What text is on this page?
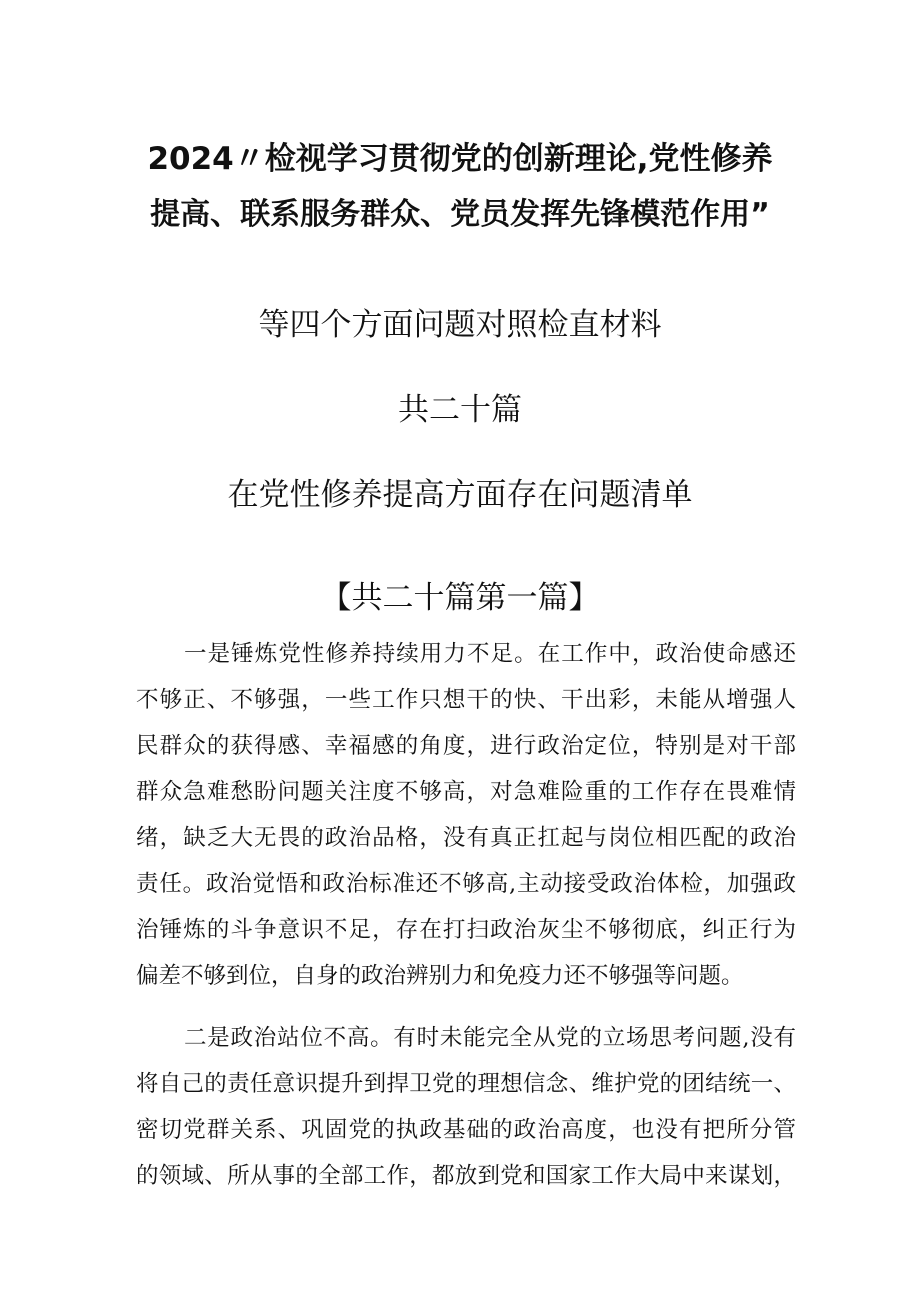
2024〃检视学习贯彻党的创新理论,党性修养
提高、联系服务群众、党员发挥先锋模范作用”
等四个方面问题对照检直材料
共二十篇
在党性修养提高方面存在问题清单
【共二十篇第一篇】
一是锤炼党性修养持续用力不足。在工作中，政治使命感还
不够正、不够强，一些工作只想干的快、干出彩，未能从增强人
民群众的获得感、幸福感的角度，进行政治定位，特别是对干部
群众急难愁盼问题关注度不够高，对急难险重的工作存在畏难情
绪，缺乏大无畏的政治品格，没有真正扛起与岗位相匹配的政治
责任。政治觉悟和政治标准还不够高,主动接受政治体检，加强政
治锤炼的斗争意识不足，存在打扫政治灰尘不够彻底，纠正行为
偏差不够到位，自身的政治辨别力和免疫力还不够强等问题。
二是政治站位不高。有时未能完全从党的立场思考问题,没有
将自己的责任意识提升到捍卫党的理想信念、维护党的团结统一、
密切党群关系、巩固党的执政基础的政治高度，也没有把所分管
的领域、所从事的全部工作，都放到党和国家工作大局中来谋划，
